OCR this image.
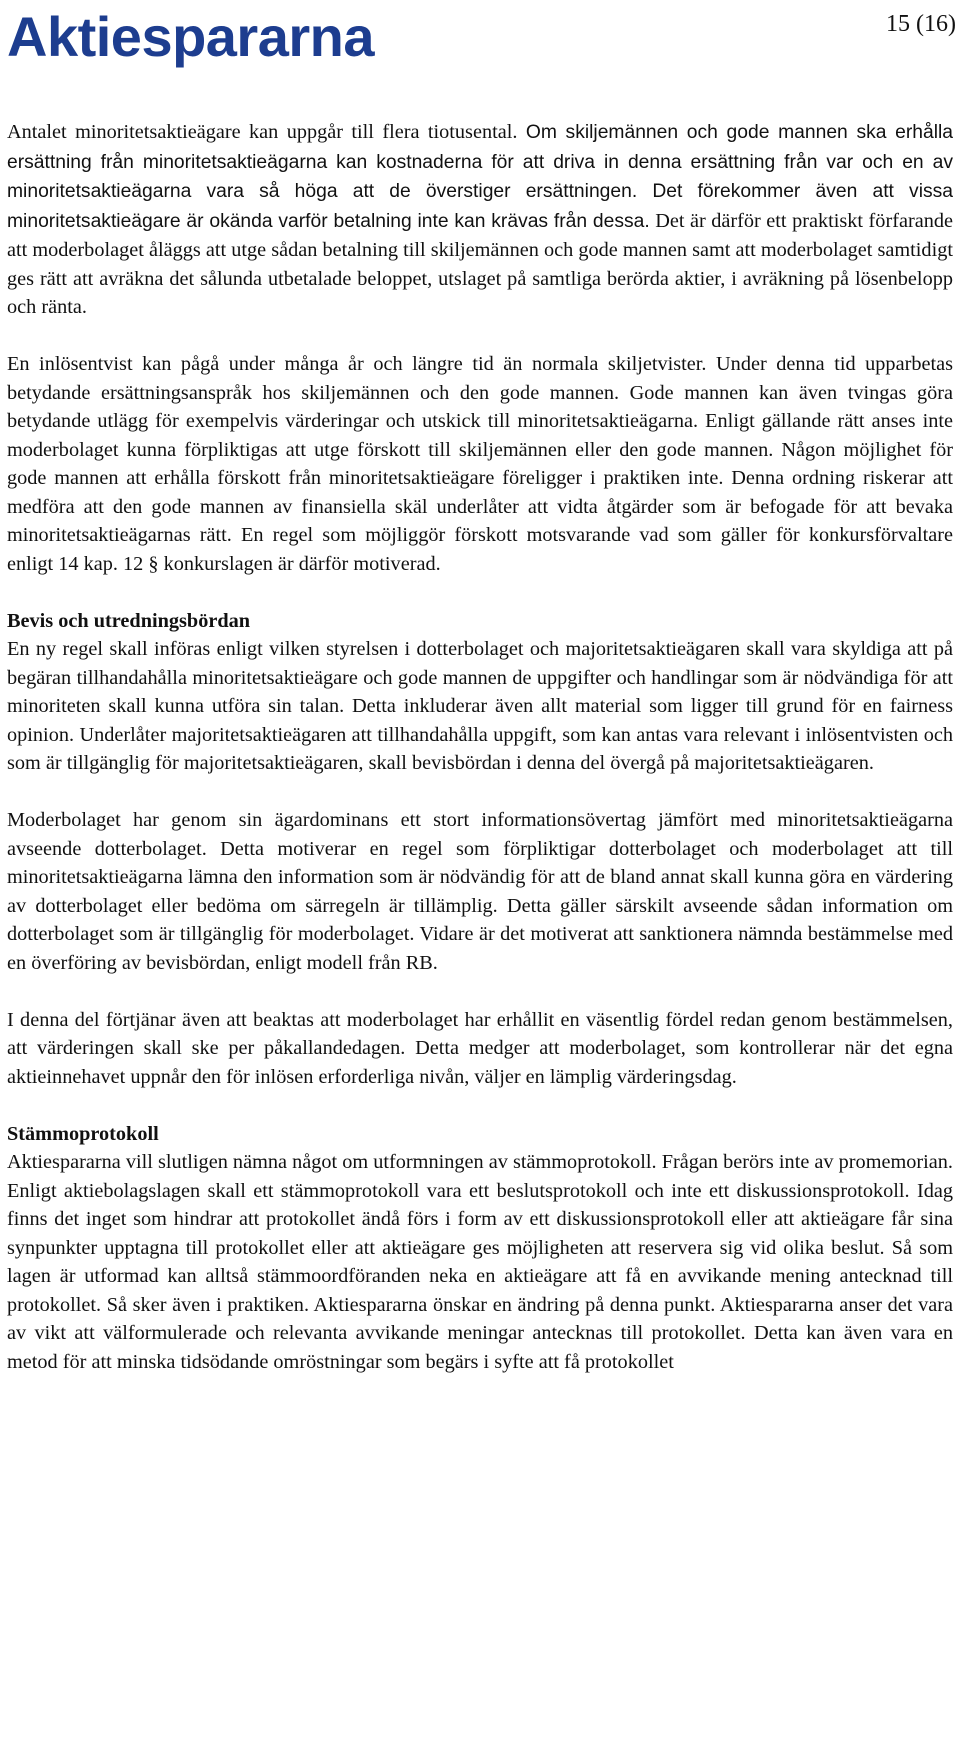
Aktiespararna	15 (16)

Antalet minoritetsaktieägare kan uppgår till flera tiotusental. Om skiljemännen och gode mannen ska erhålla ersättning från minoritetsaktieägarna kan kostnaderna för att driva in denna ersättning från var och en av minoritetsaktieägarna vara så höga att de överstiger ersättningen. Det förekommer även att vissa minoritetsaktieägare är okända varför betalning inte kan krävas från dessa. Det är därför ett praktiskt förfarande att moderbolaget åläggs att utge sådan betalning till skiljemännen och gode mannen samt att moderbolaget samtidigt ges rätt att avräkna det sålunda utbetalade beloppet, utslaget på samtliga berörda aktier, i avräkning på lösenbelopp och ränta.

En inlösentvist kan pågå under många år och längre tid än normala skiljetvister. Under denna tid upparbetas betydande ersättningsanspråk hos skiljemännen och den gode mannen. Gode mannen kan även tvingas göra betydande utlägg för exempelvis värderingar och utskick till minoritetsaktieägarna. Enligt gällande rätt anses inte moderbolaget kunna förpliktigas att utge förskott till skiljemännen eller den gode mannen. Någon möjlighet för gode mannen att erhålla förskott från minoritetsaktieägare föreligger i praktiken inte. Denna ordning riskerar att medföra att den gode mannen av finansiella skäl underlåter att vidta åtgärder som är befogade för att bevaka minoritetsaktieägarnas rätt. En regel som möjliggör förskott motsvarande vad som gäller för konkursförvaltare enligt 14 kap. 12 § konkurslagen är därför motiverad.

Bevis och utredningsbördan

En ny regel skall införas enligt vilken styrelsen i dotterbolaget och majoritetsaktieägaren skall vara skyldiga att på begäran tillhandahålla minoritetsaktieägare och gode mannen de uppgifter och handlingar som är nödvändiga för att minoriteten skall kunna utföra sin talan. Detta inkluderar även allt material som ligger till grund för en fairness opinion. Underlåter majoritetsaktieägaren att tillhandahålla uppgift, som kan antas vara relevant i inlösentvisten och som är tillgänglig för majoritetsaktieägaren, skall bevisbördan i denna del övergå på majoritetsaktieägaren.

Moderbolaget har genom sin ägardominans ett stort informationsövertag jämfört med minoritetsaktieägarna avseende dotterbolaget. Detta motiverar en regel som förpliktigar dotterbolaget och moderbolaget att till minoritetsaktieägarna lämna den information som är nödvändig för att de bland annat skall kunna göra en värdering av dotterbolaget eller bedöma om särregeln är tillämplig. Detta gäller särskilt avseende sådan information om dotterbolaget som är tillgänglig för moderbolaget. Vidare är det motiverat att sanktionera nämnda bestämmelse med en överföring av bevisbördan, enligt modell från RB.

I denna del förtjänar även att beaktas att moderbolaget har erhållit en väsentlig fördel redan genom bestämmelsen, att värderingen skall ske per påkallandedagen. Detta medger att moderbolaget, som kontrollerar när det egna aktieinnehavet uppnår den för inlösen erforderliga nivån, väljer en lämplig värderingsdag.

Stämmoprotokoll

Aktiespararna vill slutligen nämna något om utformningen av stämmoprotokoll. Frågan berörs inte av promemorian. Enligt aktiebolagslagen skall ett stämmoprotokoll vara ett beslutsprotokoll och inte ett diskussionsprotokoll. Idag finns det inget som hindrar att protokollet ändå förs i form av ett diskussionsprotokoll eller att aktieägare får sina synpunkter upptagna till protokollet eller att aktieägare ges möjligheten att reservera sig vid olika beslut. Så som lagen är utformad kan alltså stämmoordföranden neka en aktieägare att få en avvikande mening antecknad till protokollet. Så sker även i praktiken. Aktiespararna önskar en ändring på denna punkt. Aktiespararna anser det vara av vikt att välformulerade och relevanta avvikande meningar antecknas till protokollet. Detta kan även vara en metod för att minska tidsödande omröstningar som begärs i syfte att få protokollet
